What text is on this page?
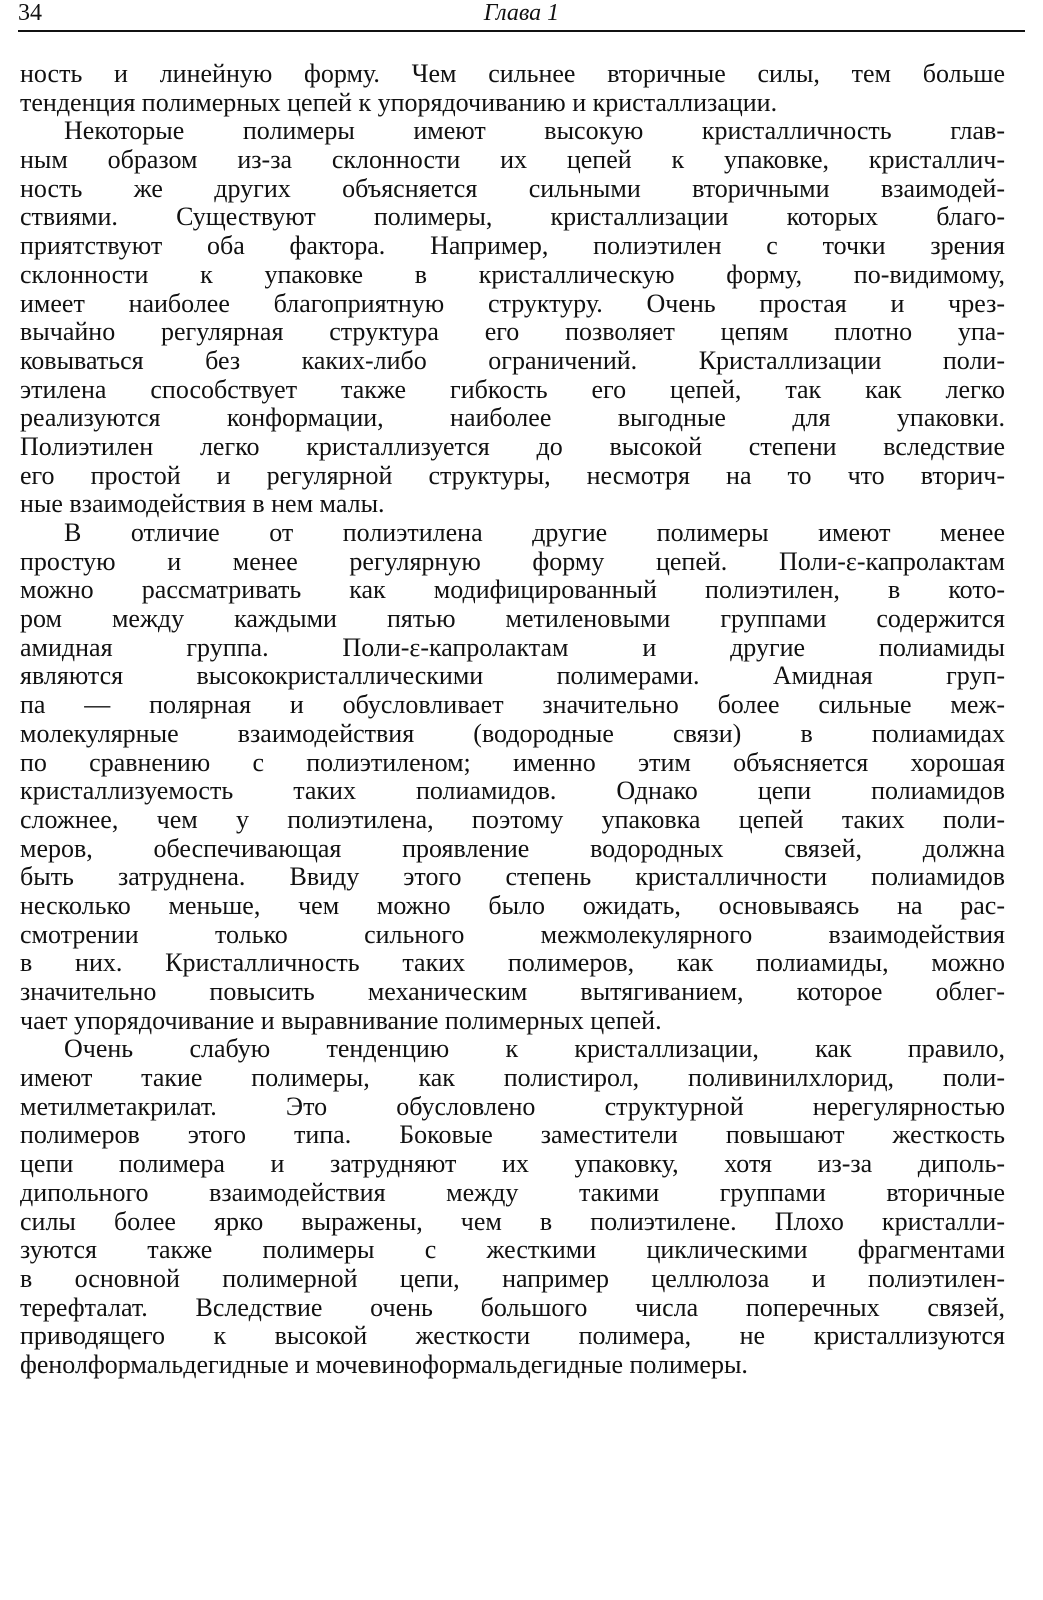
34	Глава 1
ность и линейную форму. Чем сильнее вторичные силы, тем больше
тенденция полимерных цепей к упорядочиванию и кристаллизации.
Некоторые полимеры имеют высокую кристалличность глав-
ным образом из-за склонности их цепей к упаковке, кристаллич-
ность же других объясняется сильными вторичными взаимодей-
ствиями. Существуют полимеры, кристаллизации которых благо-
приятствуют оба фактора. Например, полиэтилен с точки зрения
склонности к упаковке в кристаллическую форму, по-видимому,
имеет наиболее благоприятную структуру. Очень простая и чрез-
вычайно регулярная структура его позволяет цепям плотно упа-
ковываться без каких-либо ограничений. Кристаллизации поли-
этилена способствует также гибкость его цепей, так как легко
реализуются конформации, наиболее выгодные для упаковки.
Полиэтилен легко кристаллизуется до высокой степени вследствие
его простой и регулярной структуры, несмотря на то что вторич-
ные взаимодействия в нем малы.
В отличие от полиэтилена другие полимеры имеют менее
простую и менее регулярную форму цепей. Поли-ε-капролактам
можно рассматривать как модифицированный полиэтилен, в кото-
ром между каждыми пятью метиленовыми группами содержится
амидная группа. Поли-ε-капролактам и другие полиамиды
являются высококристаллическими полимерами. Амидная груп-
па — полярная и обусловливает значительно более сильные меж-
молекулярные взаимодействия (водородные связи) в полиамидах
по сравнению с полиэтиленом; именно этим объясняется хорошая
кристаллизуемость таких полиамидов. Однако цепи полиамидов
сложнее, чем у полиэтилена, поэтому упаковка цепей таких поли-
меров, обеспечивающая проявление водородных связей, должна
быть затруднена. Ввиду этого степень кристалличности полиамидов
несколько меньше, чем можно было ожидать, основываясь на рас-
смотрении только сильного межмолекулярного взаимодействия
в них. Кристалличность таких полимеров, как полиамиды, можно
значительно повысить механическим вытягиванием, которое облег-
чает упорядочивание и выравнивание полимерных цепей.
Очень слабую тенденцию к кристаллизации, как правило,
имеют такие полимеры, как полистирол, поливинилхлорид, поли-
метилметакрилат. Это обусловлено структурной нерегулярностью
полимеров этого типа. Боковые заместители повышают жесткость
цепи полимера и затрудняют их упаковку, хотя из-за диполь-
дипольного взаимодействия между такими группами вторичные
силы более ярко выражены, чем в полиэтилене. Плохо кристалли-
зуются также полимеры с жесткими циклическими фрагментами
в основной полимерной цепи, например целлюлоза и полиэтилен-
терефталат. Вследствие очень большого числа поперечных связей,
приводящего к высокой жесткости полимера, не кристаллизуются
фенолформальдегидные и мочевиноформальдегидные полимеры.
